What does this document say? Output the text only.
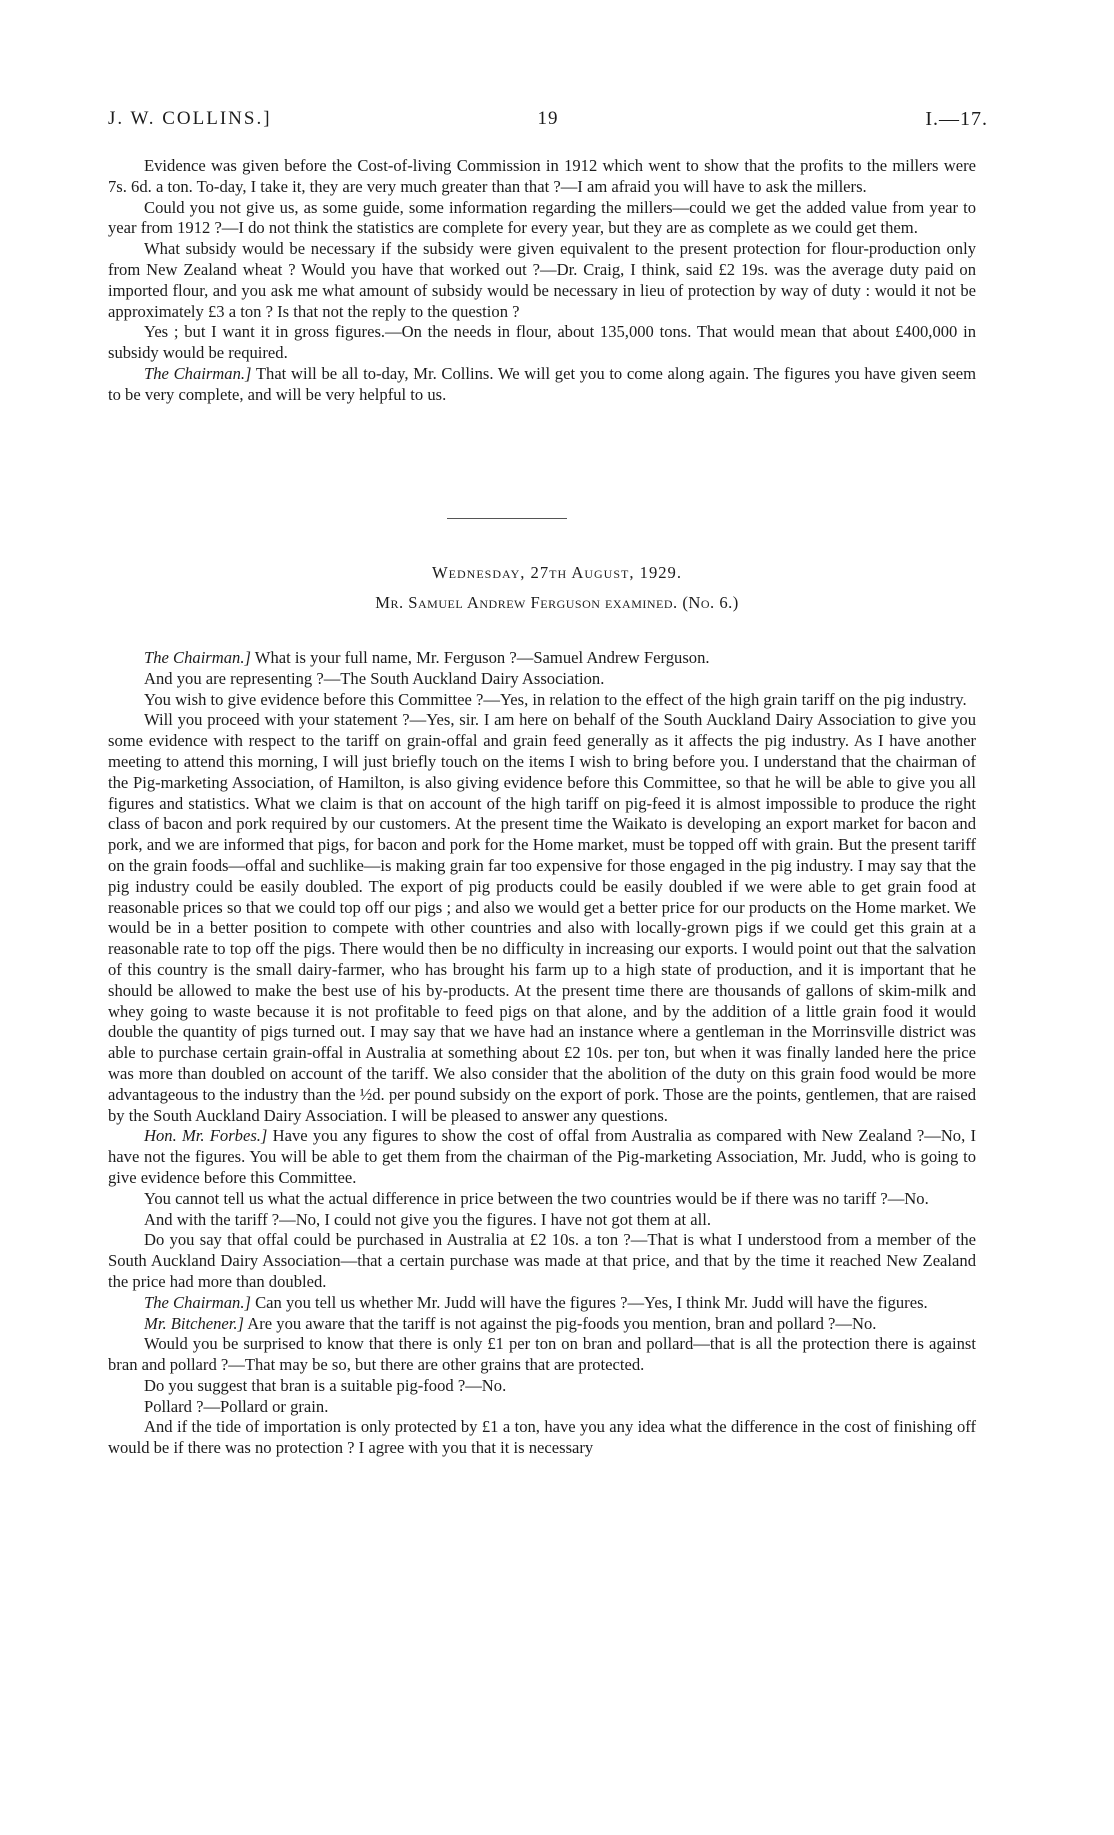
J. W. COLLINS.]	19	I.—17.

Evidence was given before the Cost-of-living Commission in 1912 which went to show that the profits to the millers were 7s. 6d. a ton. To-day, I take it, they are very much greater than that ?—I am afraid you will have to ask the millers.

Could you not give us, as some guide, some information regarding the millers—could we get the added value from year to year from 1912 ?—I do not think the statistics are complete for every year, but they are as complete as we could get them.

What subsidy would be necessary if the subsidy were given equivalent to the present protection for flour-production only from New Zealand wheat ? Would you have that worked out ?—Dr. Craig, I think, said £2 19s. was the average duty paid on imported flour, and you ask me what amount of subsidy would be necessary in lieu of protection by way of duty : would it not be approximately £3 a ton ? Is that not the reply to the question ?

Yes ; but I want it in gross figures.—On the needs in flour, about 135,000 tons. That would mean that about £400,000 in subsidy would be required.

The Chairman.] That will be all to-day, Mr. Collins. We will get you to come along again. The figures you have given seem to be very complete, and will be very helpful to us.

Wednesday, 27th August, 1929.
Mr. Samuel Andrew Ferguson examined. (No. 6.)

The Chairman.] What is your full name, Mr. Ferguson ?—Samuel Andrew Ferguson.

And you are representing ?—The South Auckland Dairy Association.

You wish to give evidence before this Committee ?—Yes, in relation to the effect of the high grain tariff on the pig industry.

Will you proceed with your statement ?—Yes, sir. I am here on behalf of the South Auckland Dairy Association to give you some evidence with respect to the tariff on grain-offal and grain feed generally as it affects the pig industry. As I have another meeting to attend this morning, I will just briefly touch on the items I wish to bring before you. I understand that the chairman of the Pig-marketing Association, of Hamilton, is also giving evidence before this Committee, so that he will be able to give you all figures and statistics. What we claim is that on account of the high tariff on pig-feed it is almost impossible to produce the right class of bacon and pork required by our customers. At the present time the Waikato is developing an export market for bacon and pork, and we are informed that pigs, for bacon and pork for the Home market, must be topped off with grain. But the present tariff on the grain foods—offal and suchlike—is making grain far too expensive for those engaged in the pig industry. I may say that the pig industry could be easily doubled. The export of pig products could be easily doubled if we were able to get grain food at reasonable prices so that we could top off our pigs ; and also we would get a better price for our products on the Home market. We would be in a better position to compete with other countries and also with locally-grown pigs if we could get this grain at a reasonable rate to top off the pigs. There would then be no difficulty in increasing our exports. I would point out that the salvation of this country is the small dairy-farmer, who has brought his farm up to a high state of production, and it is important that he should be allowed to make the best use of his by-products. At the present time there are thousands of gallons of skim-milk and whey going to waste because it is not profitable to feed pigs on that alone, and by the addition of a little grain food it would double the quantity of pigs turned out. I may say that we have had an instance where a gentleman in the Morrinsville district was able to purchase certain grain-offal in Australia at something about £2 10s. per ton, but when it was finally landed here the price was more than doubled on account of the tariff. We also consider that the abolition of the duty on this grain food would be more advantageous to the industry than the ½d. per pound subsidy on the export of pork. Those are the points, gentlemen, that are raised by the South Auckland Dairy Association. I will be pleased to answer any questions.

Hon. Mr. Forbes.] Have you any figures to show the cost of offal from Australia as compared with New Zealand ?—No, I have not the figures. You will be able to get them from the chairman of the Pig-marketing Association, Mr. Judd, who is going to give evidence before this Committee.

You cannot tell us what the actual difference in price between the two countries would be if there was no tariff ?—No.

And with the tariff ?—No, I could not give you the figures. I have not got them at all.

Do you say that offal could be purchased in Australia at £2 10s. a ton ?—That is what I understood from a member of the South Auckland Dairy Association—that a certain purchase was made at that price, and that by the time it reached New Zealand the price had more than doubled.

The Chairman.] Can you tell us whether Mr. Judd will have the figures ?—Yes, I think Mr. Judd will have the figures.

Mr. Bitchener.] Are you aware that the tariff is not against the pig-foods you mention, bran and pollard ?—No.

Would you be surprised to know that there is only £1 per ton on bran and pollard—that is all the protection there is against bran and pollard ?—That may be so, but there are other grains that are protected.

Do you suggest that bran is a suitable pig-food ?—No.

Pollard ?—Pollard or grain.

And if the tide of importation is only protected by £1 a ton, have you any idea what the difference in the cost of finishing off would be if there was no protection ? I agree with you that it is necessary
